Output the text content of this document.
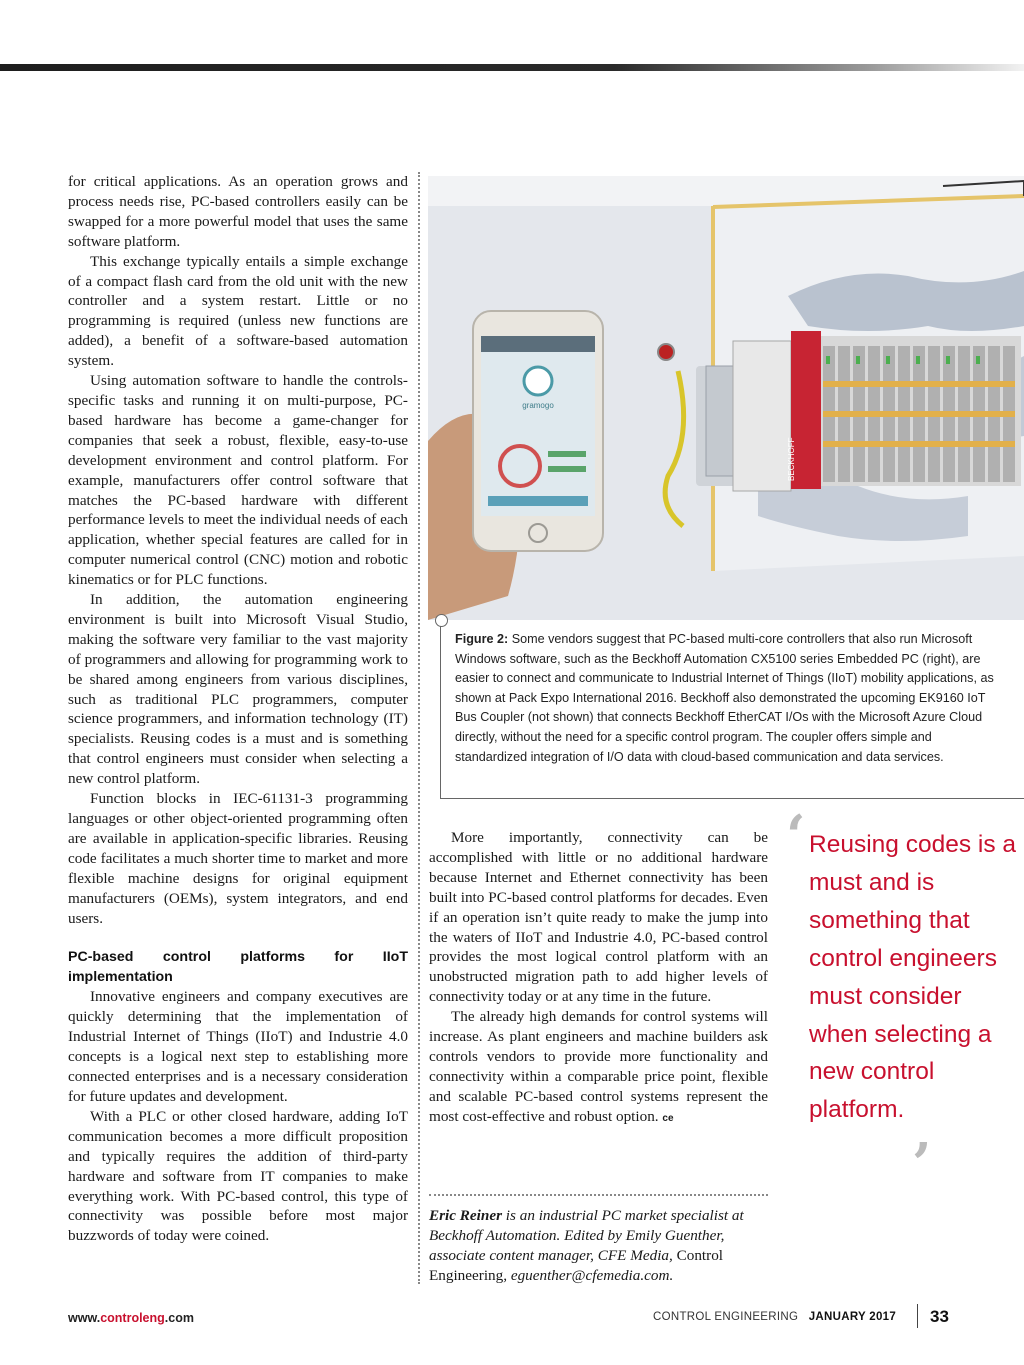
for critical applications. As an operation grows and process needs rise, PC-based controllers easily can be swapped for a more powerful model that uses the same software platform.

This exchange typically entails a simple exchange of a compact flash card from the old unit with the new controller and a system restart. Little or no programming is required (unless new functions are added), a benefit of a software-based automation system.

Using automation software to handle the controls-specific tasks and running it on multi-purpose, PC-based hardware has become a game-changer for companies that seek a robust, flexible, easy-to-use development environment and control platform. For example, manufacturers offer control software that matches the PC-based hardware with different performance levels to meet the individual needs of each application, whether special features are called for in computer numerical control (CNC) motion and robotic kinematics or for PLC functions.

In addition, the automation engineering environment is built into Microsoft Visual Studio, making the software very familiar to the vast majority of programmers and allowing for programming work to be shared among engineers from various disciplines, such as traditional PLC programmers, computer science programmers, and information technology (IT) specialists. Reusing codes is a must and is something that control engineers must consider when selecting a new control platform.

Function blocks in IEC-61131-3 programming languages or other object-oriented programming often are available in application-specific libraries. Reusing code facilitates a much shorter time to market and more flexible machine designs for original equipment manufacturers (OEMs), system integrators, and end users.

PC-based control platforms for IIoT implementation

Innovative engineers and company executives are quickly determining that the implementation of Industrial Internet of Things (IIoT) and Industrie 4.0 concepts is a logical next step to establishing more connected enterprises and is a necessary consideration for future updates and development.

With a PLC or other closed hardware, adding IoT communication becomes a more difficult proposition and typically requires the addition of third-party hardware and software from IT companies to make everything work. With PC-based control, this type of connectivity was possible before most major buzzwords of today were coined.

BECKHOFF
gramogo
Figure 2: Some vendors suggest that PC-based multi-core controllers that also run Microsoft Windows software, such as the Beckhoff Automation CX5100 series Embedded PC (right), are easier to connect and communicate to Industrial Internet of Things (IIoT) mobility applications, as shown at Pack Expo International 2016. Beckhoff also demonstrated the upcoming EK9160 IoT Bus Coupler (not shown) that connects Beckhoff EtherCAT I/Os with the Microsoft Azure Cloud directly, without the need for a specific control program. The coupler offers simple and standardized integration of I/O data with cloud-based communication and data services.

More importantly, connectivity can be accomplished with little or no additional hardware because Internet and Ethernet connectivity has been built into PC-based control platforms for decades. Even if an operation isn’t quite ready to make the jump into the waters of IIoT and Industrie 4.0, PC-based control provides the most logical control platform with an unobstructed migration path to add higher levels of connectivity today or at any time in the future.

The already high demands for control systems will increase. As plant engineers and machine builders ask controls vendors to provide more functionality and connectivity within a comparable price point, flexible and scalable PC-based control systems represent the most cost-effective and robust option. ce

Eric Reiner is an industrial PC market specialist at Beckhoff Automation. Edited by Emily Guenther, associate content manager, CFE Media, Control Engineering, eguenther@cfemedia.com.
‘ Reusing codes is a must and is something that control engineers must consider when selecting a new control platform.
’
www.controleng.com	CONTROL ENGINEERING JANUARY 2017 33
